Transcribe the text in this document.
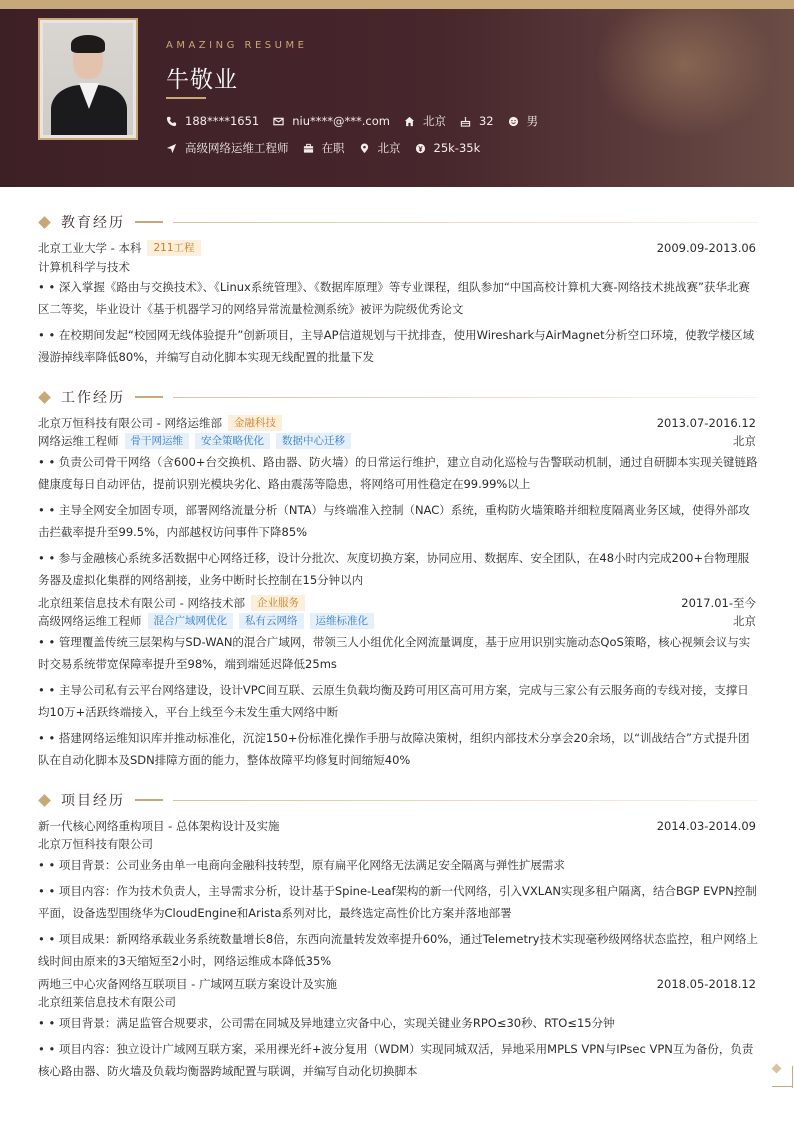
AMAZING RESUME
牛敬业
188****1651	niu****@***.com	北京	32	男
高级网络运维工程师	在职	北京	25k-35k
教育经历
北京工业大学 - 本科	211工程	2009.09-2013.06
计算机科学与技术
• • 深入掌握《路由与交换技术》、《Linux系统管理》、《数据库原理》等专业课程，组队参加“中国高校计算机大赛-网络技术挑战赛”获华北赛区二等奖，毕业设计《基于机器学习的网络异常流量检测系统》被评为院级优秀论文
• • 在校期间发起“校园网无线体验提升”创新项目，主导AP信道规划与干扰排查，使用Wireshark与AirMagnet分析空口环境，使教学楼区域漫游掉线率降低80%，并编写自动化脚本实现无线配置的批量下发
工作经历
北京万恒科技有限公司 - 网络运维部	金融科技	2013.07-2016.12
网络运维工程师	骨干网运维	安全策略优化	数据中心迁移	北京
• • 负责公司骨干网络（含600+台交换机、路由器、防火墙）的日常运行维护，建立自动化巡检与告警联动机制，通过自研脚本实现关键链路健康度每日自动评估，提前识别光模块劣化、路由震荡等隐患，将网络可用性稳定在99.99%以上
• • 主导全网安全加固专项，部署网络流量分析（NTA）与终端准入控制（NAC）系统，重构防火墙策略并细粒度隔离业务区域，使得外部攻击拦截率提升至99.5%，内部越权访问事件下降85%
• • 参与金融核心系统多活数据中心网络迁移，设计分批次、灰度切换方案，协同应用、数据库、安全团队，在48小时内完成200+台物理服务器及虚拟化集群的网络割接，业务中断时长控制在15分钟以内
北京纽莱信息技术有限公司 - 网络技术部	企业服务	2017.01-至今
高级网络运维工程师	混合广域网优化	私有云网络	运维标准化	北京
• • 管理覆盖传统三层架构与SD-WAN的混合广域网，带领三人小组优化全网流量调度，基于应用识别实施动态QoS策略，核心视频会议与实时交易系统带宽保障率提升至98%，端到端延迟降低25ms
• • 主导公司私有云平台网络建设，设计VPC间互联、云原生负载均衡及跨可用区高可用方案，完成与三家公有云服务商的专线对接，支撑日均10万+活跃终端接入，平台上线至今未发生重大网络中断
• • 搭建网络运维知识库并推动标准化，沉淀150+份标准化操作手册与故障决策树，组织内部技术分享会20余场，以“训战结合”方式提升团队在自动化脚本及SDN排障方面的能力，整体故障平均修复时间缩短40%
项目经历
新一代核心网络重构项目 - 总体架构设计及实施	2014.03-2014.09
北京万恒科技有限公司
• • 项目背景：公司业务由单一电商向金融科技转型，原有扁平化网络无法满足安全隔离与弹性扩展需求
• • 项目内容：作为技术负责人，主导需求分析，设计基于Spine-Leaf架构的新一代网络，引入VXLAN实现多租户隔离，结合BGP EVPN控制平面，设备选型围绕华为CloudEngine和Arista系列对比，最终选定高性价比方案并落地部署
• • 项目成果：新网络承载业务系统数量增长8倍，东西向流量转发效率提升60%，通过Telemetry技术实现毫秒级网络状态监控，租户网络上线时间由原来的3天缩短至2小时，网络运维成本降低35%
两地三中心灾备网络互联项目 - 广域网互联方案设计及实施	2018.05-2018.12
北京纽莱信息技术有限公司
• • 项目背景：满足监管合规要求，公司需在同城及异地建立灾备中心，实现关键业务RPO≤30秒、RTO≤15分钟
• • 项目内容：独立设计广域网互联方案，采用裸光纤+波分复用（WDM）实现同城双活，异地采用MPLS VPN与IPsec VPN互为备份，负责核心路由器、防火墙及负载均衡器跨域配置与联调，并编写自动化切换脚本
